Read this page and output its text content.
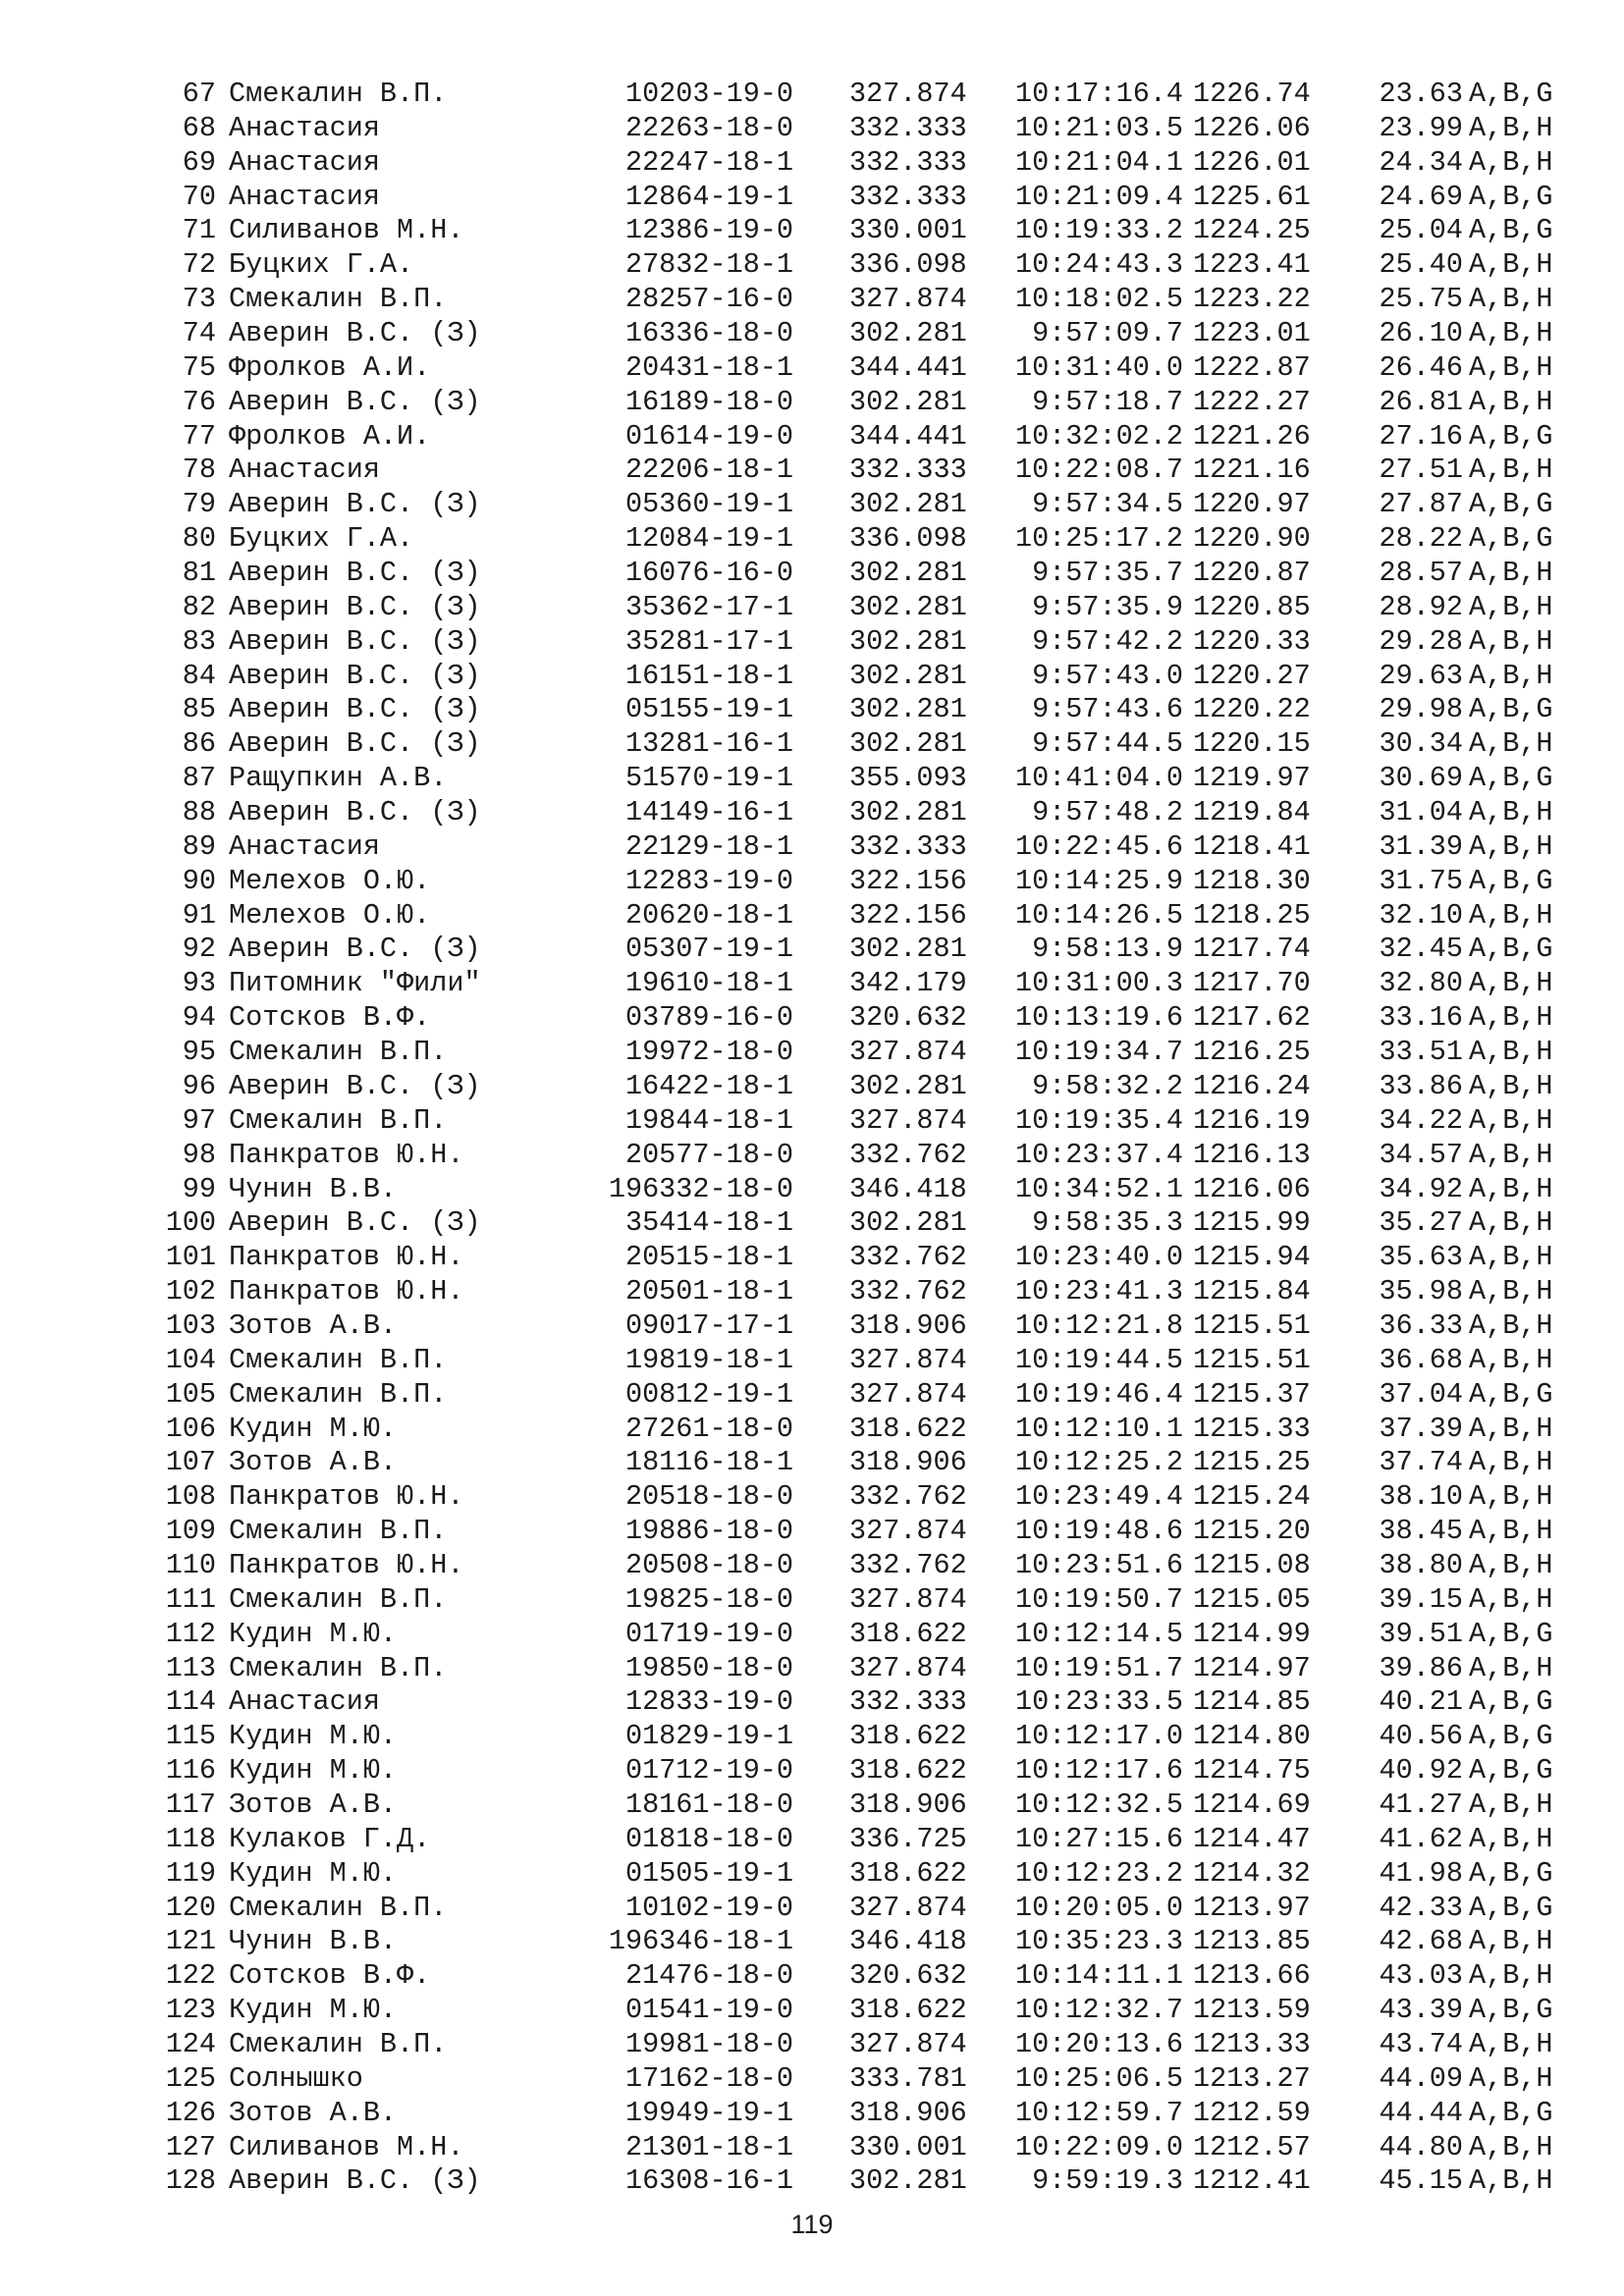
67 Смекалин В.П.	10203-19-0 327.874	10:17:16.4 1226.74	23.63 A,B,G
68 Анастасия	22263-18-0 332.333	10:21:03.5 1226.06	23.99 A,B,H
69 Анастасия	22247-18-1 332.333	10:21:04.1 1226.01	24.34 A,B,H
70 Анастасия	12864-19-1 332.333	10:21:09.4 1225.61	24.69 A,B,G
71 Силиванов М.Н.	12386-19-0 330.001	10:19:33.2 1224.25	25.04 A,B,G
72 Буцких Г.А.	27832-18-1 336.098	10:24:43.3 1223.41	25.40 A,B,H
73 Смекалин В.П.	28257-16-0 327.874	10:18:02.5 1223.22	25.75 A,B,H
74 Аверин В.С. (З)	16336-18-0 302.281	9:57:09.7 1223.01	26.10 A,B,H
75 Фролков А.И.	20431-18-1 344.441	10:31:40.0 1222.87	26.46 A,B,H
76 Аверин В.С. (З)	16189-18-0 302.281	9:57:18.7 1222.27	26.81 A,B,H
77 Фролков А.И.	01614-19-0 344.441	10:32:02.2 1221.26	27.16 A,B,G
78 Анастасия	22206-18-1 332.333	10:22:08.7 1221.16	27.51 A,B,H
79 Аверин В.С. (З)	05360-19-1 302.281	9:57:34.5 1220.97	27.87 A,B,G
80 Буцких Г.А.	12084-19-1 336.098	10:25:17.2 1220.90	28.22 A,B,G
81 Аверин В.С. (З)	16076-16-0 302.281	9:57:35.7 1220.87	28.57 A,B,H
82 Аверин В.С. (З)	35362-17-1 302.281	9:57:35.9 1220.85	28.92 A,B,H
83 Аверин В.С. (З)	35281-17-1 302.281	9:57:42.2 1220.33	29.28 A,B,H
84 Аверин В.С. (З)	16151-18-1 302.281	9:57:43.0 1220.27	29.63 A,B,H
85 Аверин В.С. (З)	05155-19-1 302.281	9:57:43.6 1220.22	29.98 A,B,G
86 Аверин В.С. (З)	13281-16-1 302.281	9:57:44.5 1220.15	30.34 A,B,H
87 Ращупкин А.В.	51570-19-1 355.093	10:41:04.0 1219.97	30.69 A,B,G
88 Аверин В.С. (З)	14149-16-1 302.281	9:57:48.2 1219.84	31.04 A,B,H
89 Анастасия	22129-18-1 332.333	10:22:45.6 1218.41	31.39 A,B,H
90 Мелехов О.Ю.	12283-19-0 322.156	10:14:25.9 1218.30	31.75 A,B,G
91 Мелехов О.Ю.	20620-18-1 322.156	10:14:26.5 1218.25	32.10 A,B,H
92 Аверин В.С. (З)	05307-19-1 302.281	9:58:13.9 1217.74	32.45 A,B,G
93 Питомник "Фили"	19610-18-1 342.179	10:31:00.3 1217.70	32.80 A,B,H
94 Сотсков В.Ф.	03789-16-0 320.632	10:13:19.6 1217.62	33.16 A,B,H
95 Смекалин В.П.	19972-18-0 327.874	10:19:34.7 1216.25	33.51 A,B,H
96 Аверин В.С. (З)	16422-18-1 302.281	9:58:32.2 1216.24	33.86 A,B,H
97 Смекалин В.П.	19844-18-1 327.874	10:19:35.4 1216.19	34.22 A,B,H
98 Панкратов Ю.Н.	20577-18-0 332.762	10:23:37.4 1216.13	34.57 A,B,H
99 Чунин В.В.	196332-18-0 346.418	10:34:52.1 1216.06	34.92 A,B,H
100 Аверин В.С. (З)	35414-18-1 302.281	9:58:35.3 1215.99	35.27 A,B,H
101 Панкратов Ю.Н.	20515-18-1 332.762	10:23:40.0 1215.94	35.63 A,B,H
102 Панкратов Ю.Н.	20501-18-1 332.762	10:23:41.3 1215.84	35.98 A,B,H
103 Зотов А.В.	09017-17-1 318.906	10:12:21.8 1215.51	36.33 A,B,H
104 Смекалин В.П.	19819-18-1 327.874	10:19:44.5 1215.51	36.68 A,B,H
105 Смекалин В.П.	00812-19-1 327.874	10:19:46.4 1215.37	37.04 A,B,G
106 Кудин М.Ю.	27261-18-0 318.622	10:12:10.1 1215.33	37.39 A,B,H
107 Зотов А.В.	18116-18-1 318.906	10:12:25.2 1215.25	37.74 A,B,H
108 Панкратов Ю.Н.	20518-18-0 332.762	10:23:49.4 1215.24	38.10 A,B,H
109 Смекалин В.П.	19886-18-0 327.874	10:19:48.6 1215.20	38.45 A,B,H
110 Панкратов Ю.Н.	20508-18-0 332.762	10:23:51.6 1215.08	38.80 A,B,H
111 Смекалин В.П.	19825-18-0 327.874	10:19:50.7 1215.05	39.15 A,B,H
112 Кудин М.Ю.	01719-19-0 318.622	10:12:14.5 1214.99	39.51 A,B,G
113 Смекалин В.П.	19850-18-0 327.874	10:19:51.7 1214.97	39.86 A,B,H
114 Анастасия	12833-19-0 332.333	10:23:33.5 1214.85	40.21 A,B,G
115 Кудин М.Ю.	01829-19-1 318.622	10:12:17.0 1214.80	40.56 A,B,G
116 Кудин М.Ю.	01712-19-0 318.622	10:12:17.6 1214.75	40.92 A,B,G
117 Зотов А.В.	18161-18-0 318.906	10:12:32.5 1214.69	41.27 A,B,H
118 Кулаков Г.Д.	01818-18-0 336.725	10:27:15.6 1214.47	41.62 A,B,H
119 Кудин М.Ю.	01505-19-1 318.622	10:12:23.2 1214.32	41.98 A,B,G
120 Смекалин В.П.	10102-19-0 327.874	10:20:05.0 1213.97	42.33 A,B,G
121 Чунин В.В.	196346-18-1 346.418	10:35:23.3 1213.85	42.68 A,B,H
122 Сотсков В.Ф.	21476-18-0 320.632	10:14:11.1 1213.66	43.03 A,B,H
123 Кудин М.Ю.	01541-19-0 318.622	10:12:32.7 1213.59	43.39 A,B,G
124 Смекалин В.П.	19981-18-0 327.874	10:20:13.6 1213.33	43.74 A,B,H
125 Солнышко	17162-18-0 333.781	10:25:06.5 1213.27	44.09 A,B,H
126 Зотов А.В.	19949-19-1 318.906	10:12:59.7 1212.59	44.44 A,B,G
127 Силиванов М.Н.	21301-18-1 330.001	10:22:09.0 1212.57	44.80 A,B,H
128 Аверин В.С. (З)	16308-16-1 302.281	9:59:19.3 1212.41	45.15 A,B,H
119
